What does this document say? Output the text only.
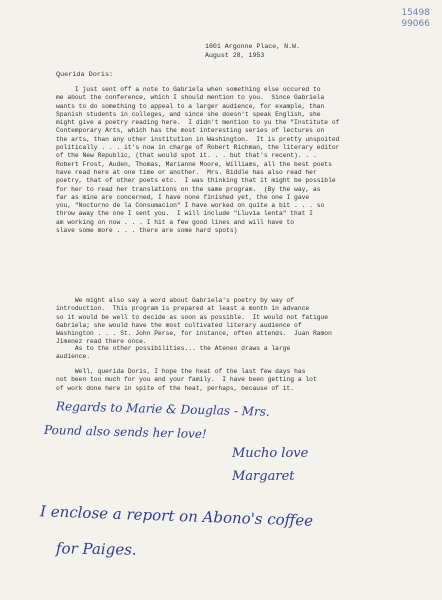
15498
99066
1601 Argonne Place, N.W.
August 28, 1953
Querida Doris:
I just sent off a note to Gabriela when something else occured to
me about the conference, which I should mention to you.  Since Gabriela
wants to do something to appeal to a larger audience, for example, than
Spanish students in colleges, and since she doesn't speak English, she
might give a poetry reading here.  I didn't mention to yu the "Institute of
Contemporary Arts, which has the most interesting series of lectures on
the arts, than any other institution in Washington.  It is pretty unspoited
politically . . . it's now in charge of Robert Richman, the literary editor
of the New Republic, (that would spot it. . . but that's recent). . .
Robert Frost, Auden, Thomas, Marianne Moore, Williams, all the best poets
have read here at one time or another.  Mrs. Biddle has also read her
poetry, that of other poets etc.  I was thinking that it might be possible
for her to read her translations on the same program.  (By the way, as
far as mine are concerned, I have none finished yet, the one I gave
you, "Nocturno de la Consumacion" I have worked on quite a bit . . . so
throw away the one I sent you.  I will include "Lluvia lenta" that I
am working on now . . . I hit a few good lines and will have to
slave some more . . . there are some hard spots)
We might also say a word about Gabriela's poetry by way of
introduction.  This program is prepared at least a month in advance
so it would be well to decide as soon as possible.  It would not fatigue
Gabriela; she would have the most cultivated literary audience of
Washington . . . St. John Perse, for instance, often attends.  Juan Ramon
Jimenez read there once.
As to the other possibilities... the Ateneo draws a large
audience.
Well, querida Doris, I hope the heat of the last few days has
not been too much for you and your family.  I have been getting a lot
of work done here in spite of the heat, perhaps, because of it.
Regards to Marie & Douglas - Mrs.
Pound also sends her love!
Mucho love
Margaret
I enclose a report on Abono's coffee
for Paiges.
